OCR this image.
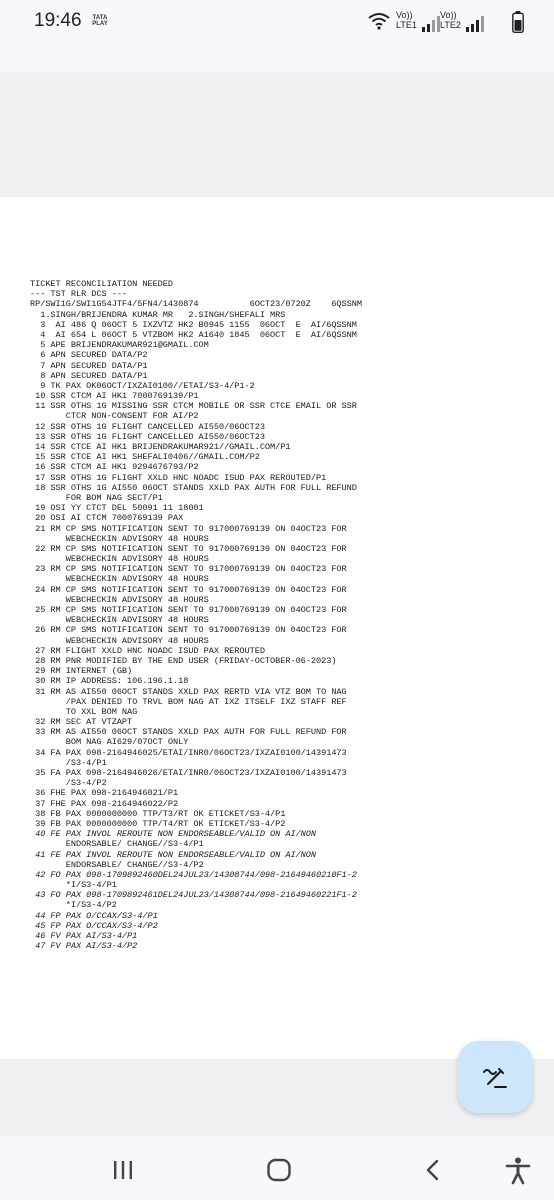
19:46	TATA PLAY
Vo)) LTE1
Vo)) LTE2
TICKET RECONCILIATION NEEDED
--- TST RLR DCS ---
RP/SWI1G/SWI1G54JTF4/5FN4/1430874          6OCT23/0720Z    6QSSNM
1.SINGH/BRIJENDRA KUMAR MR   2.SINGH/SHEFALI MRS
3  AI 486 Q 06OCT 5 IXZVTZ HK2 B0945 1155  06OCT  E  AI/6QSSNM
4  AI 654 L 06OCT 5 VTZBOM HK2 A1640 1845  06OCT  E  AI/6QSSNM
5 APE BRIJENDRAKUMAR921@GMAIL.COM
6 APN SECURED DATA/P2
7 APN SECURED DATA/P1
8 APN SECURED DATA/P1
9 TK PAX OK06OCT/IXZAI0100//ETAI/S3-4/P1-2
10 SSR CTCM AI HK1 7000769139/P1
11 SSR OTHS 1G MISSING SSR CTCM MOBILE OR SSR CTCE EMAIL OR SSR
CTCR NON-CONSENT FOR AI/P2
12 SSR OTHS 1G FLIGHT CANCELLED AI550/06OCT23
13 SSR OTHS 1G FLIGHT CANCELLED AI550/06OCT23
14 SSR CTCE AI HK1 BRIJENDRAKUMAR921//GMAIL.COM/P1
15 SSR CTCE AI HK1 SHEFALI0406//GMAIL.COM/P2
16 SSR CTCM AI HK1 9294676793/P2
17 SSR OTHS 1G FLIGHT XXLD HNC NOADC ISUD PAX REROUTED/P1
18 SSR OTHS 1G AI550 06OCT STANDS XXLD PAX AUTH FOR FULL REFUND
FOR BOM NAG SECT/P1
19 OSI YY CTCT DEL 50091 11 18001
20 OSI AI CTCM 7000769139 PAX
21 RM CP SMS NOTIFICATION SENT TO 917000769139 ON 04OCT23 FOR
WEBCHECKIN ADVISORY 48 HOURS
22 RM CP SMS NOTIFICATION SENT TO 917000769139 ON 04OCT23 FOR
WEBCHECKIN ADVISORY 48 HOURS
23 RM CP SMS NOTIFICATION SENT TO 917000769139 ON 04OCT23 FOR
WEBCHECKIN ADVISORY 48 HOURS
24 RM CP SMS NOTIFICATION SENT TO 917000769139 ON 04OCT23 FOR
WEBCHECKIN ADVISORY 48 HOURS
25 RM CP SMS NOTIFICATION SENT TO 917000769139 ON 04OCT23 FOR
WEBCHECKIN ADVISORY 48 HOURS
26 RM CP SMS NOTIFICATION SENT TO 917000769139 ON 04OCT23 FOR
WEBCHECKIN ADVISORY 48 HOURS
27 RM FLIGHT XXLD HNC NOADC ISUD PAX REROUTED
28 RM PNR MODIFIED BY THE END USER (FRIDAY-OCTOBER-06-2023)
29 RM INTERNET (GB)
30 RM IP ADDRESS: 106.196.1.18
31 RM AS AI550 06OCT STANDS XXLD PAX RERTD VIA VTZ BOM TO NAG
/PAX DENIED TO TRVL BOM NAG AT IXZ ITSELF IXZ STAFF REF
TO XXL BOM NAG
32 RM SEC AT VTZAPT
33 RM AS AI550 06OCT STANDS XXLD PAX AUTH FOR FULL REFUND FOR
BOM NAG AI629/07OCT ONLY
34 FA PAX 098-2164946025/ETAI/INR0/06OCT23/IXZAI0100/14391473
/S3-4/P1
35 FA PAX 098-2164946026/ETAI/INR0/06OCT23/IXZAI0100/14391473
/S3-4/P2
36 FHE PAX 098-2164946021/P1
37 FHE PAX 098-2164946022/P2
38 FB PAX 0000000000 TTP/T3/RT OK ETICKET/S3-4/P1
39 FB PAX 0000000000 TTP/T4/RT OK ETICKET/S3-4/P2
40 FE PAX INVOL REROUTE NON ENDORSEABLE/VALID ON AI/NON
ENDORSABLE/ CHANGE//S3-4/P1
41 FE PAX INVOL REROUTE NON ENDORSEABLE/VALID ON AI/NON
ENDORSABLE/ CHANGE//S3-4/P2
42 FO PAX 098-1709892460DEL24JUL23/14308744/098-21649460210F1-2
*I/S3-4/P1
43 FO PAX 098-1709892461DEL24JUL23/14308744/098-21649460221F1-2
*I/S3-4/P2
44 FP PAX O/CCAX/S3-4/P1
45 FP PAX O/CCAX/S3-4/P2
46 FV PAX AI/S3-4/P1
47 FV PAX AI/S3-4/P2
